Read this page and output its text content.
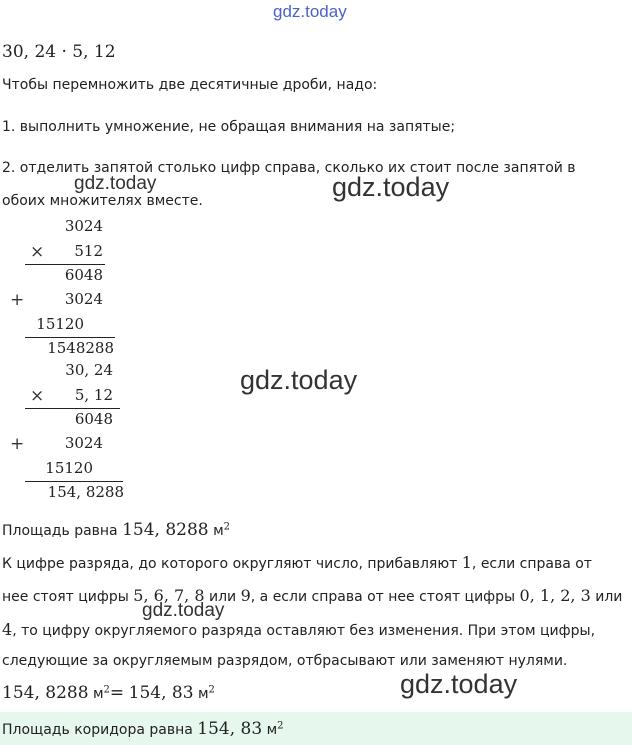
gdz.today
gdz.today	gdz.today
gdz.today
gdz.today
gdz.today
30, 24 · 5, 12
Чтобы перемножить две десятичные дроби, надо:
1. выполнить умножение, не обращая внимания на запятые;
2. отделить запятой столько цифр справа, сколько их стоит после запятой в
обоих множителях вместе.
3024
× 512
6048
+	3024
15120
1548288
30, 24
× 5, 12
6048
+	3024
15120
154, 8288
Площадь равна 154, 8288 $м^2$
К цифре разряда, до которого округляют число, прибавляют 1, если справа от
нее стоят цифры 5, 6, 7, 8 или 9, а если справа от нее стоят цифры 0, 1, 2, 3 или
4, то цифру округляемого разряда оставляют без изменения. При этом цифры,
следующие за округляемым разрядом, отбрасывают или заменяют нулями.
154, 8288 $м^2= 154$, 83 $м^2$
Площадь коридора равна 154, 83 $м^2$
